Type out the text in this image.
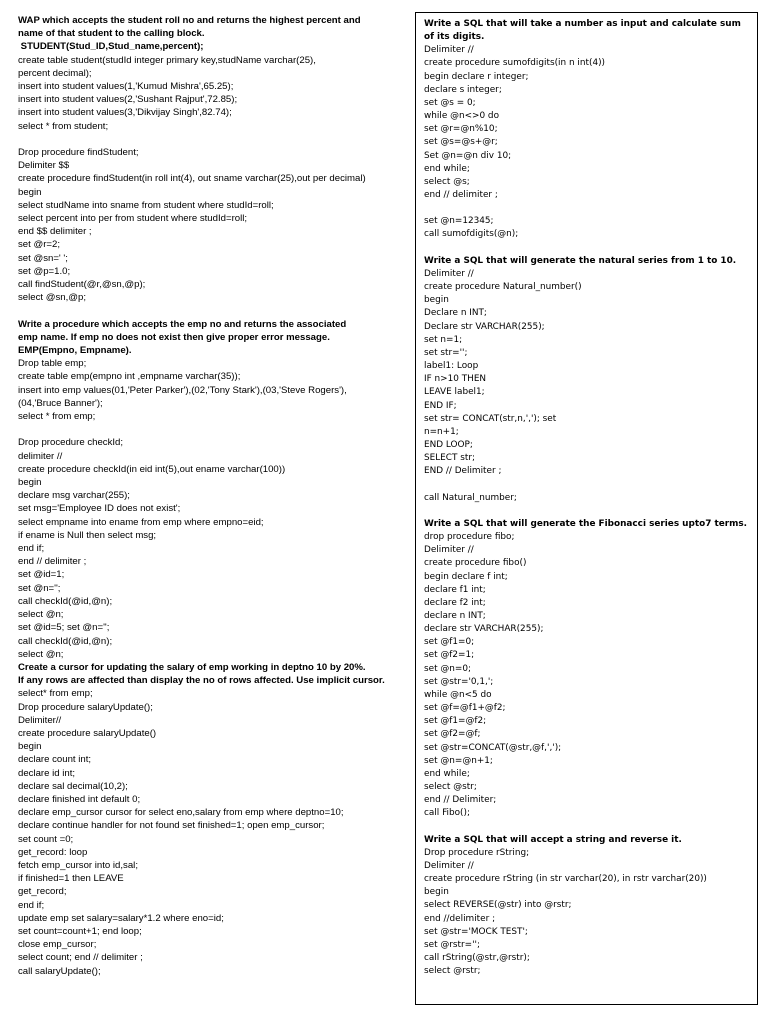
WAP which accepts the student roll no and returns the highest percent and
name of that student to the calling block.
STUDENT(Stud_ID,Stud_name,percent);
create table student(studId integer primary key,studName varchar(25),
percent decimal);
insert into student values(1,'Kumud Mishra',65.25);
insert into student values(2,'Sushant Rajput',72.85);
insert into student values(3,'Dikvijay Singh',82.74);
select * from student;
Drop procedure findStudent;
Delimiter $$
create procedure findStudent(in roll int(4), out sname varchar(25),out per decimal)
begin
select studName into sname from student where studId=roll;
select percent into per from student where studId=roll;
end $$ delimiter ;
set @r=2;
set @sn=' ';
set @p=1.0;
call findStudent(@r,@sn,@p);
select @sn,@p;
Write a procedure which accepts the emp no and returns the associated
emp name. If emp no does not exist then give proper error message.
EMP(Empno, Empname).
Drop table emp;
create table emp(empno int ,empname varchar(35));
insert into emp values(01,'Peter Parker'),(02,'Tony Stark'),(03,'Steve Rogers'),
(04,'Bruce Banner');
select * from emp;
Drop procedure checkId;
delimiter //
create procedure checkId(in eid int(5),out ename varchar(100))
begin
declare msg varchar(255);
set msg='Employee ID does not exist';
select empname into ename from emp where empno=eid;
if ename is Null then select msg;
end if;
end // delimiter ;
set @id=1;
set @n='';
call checkId(@id,@n);
select @n;
set @id=5; set @n='';
call checkId(@id,@n);
select @n;
Create a cursor for updating the salary of emp working in deptno 10 by 20%.
If any rows are affected than display the no of rows affected. Use implicit cursor.
select* from emp;
Drop procedure salaryUpdate();
Delimiter//
create procedure salaryUpdate()
begin
declare count int;
declare id int;
declare sal decimal(10,2);
declare finished int default 0;
declare emp_cursor cursor for select eno,salary from emp where deptno=10;
declare continue handler for not found set finished=1; open emp_cursor;
set count =0;
get_record: loop
fetch emp_cursor into id,sal;
if finished=1 then LEAVE
get_record;
end if;
update emp set salary=salary*1.2 where eno=id;
set count=count+1; end loop;
close emp_cursor;
select count; end // delimiter ;
call salaryUpdate();
Write a SQL that will take a number as input and calculate sum
of its digits.
Delimiter //
create procedure sumofdigits(in n int(4))
begin declare r integer;
declare s integer;
set @s = 0;
while @n<>0 do
set @r=@n%10;
set @s=@s+@r;
Set @n=@n div 10;
end while;
select @s;
end // delimiter ;
set @n=12345;
call sumofdigits(@n);
Write a SQL that will generate the natural series from 1 to 10.
Delimiter //
create procedure Natural_number()
begin
Declare n INT;
Declare str VARCHAR(255);
set n=1;
set str='';
label1: Loop
IF n>10 THEN
LEAVE label1;
END IF;
set str= CONCAT(str,n,','); set
n=n+1;
END LOOP;
SELECT str;
END // Delimiter ;
call Natural_number;
Write a SQL that will generate the Fibonacci series upto7 terms.
drop procedure fibo;
Delimiter //
create procedure fibo()
begin declare f int;
declare f1 int;
declare f2 int;
declare n INT;
declare str VARCHAR(255);
set @f1=0;
set @f2=1;
set @n=0;
set @str='0,1,';
while @n<5 do
set @f=@f1+@f2;
set @f1=@f2;
set @f2=@f;
set @str=CONCAT(@str,@f,',');
set @n=@n+1;
end while;
select @str;
end // Delimiter;
call Fibo();
Write a SQL that will accept a string and reverse it.
Drop procedure rString;
Delimiter //
create procedure rString (in str varchar(20), in rstr varchar(20))
begin
select REVERSE(@str) into @rstr;
end //delimiter ;
set @str='MOCK TEST';
set @rstr='';
call rString(@str,@rstr);
select @rstr;
